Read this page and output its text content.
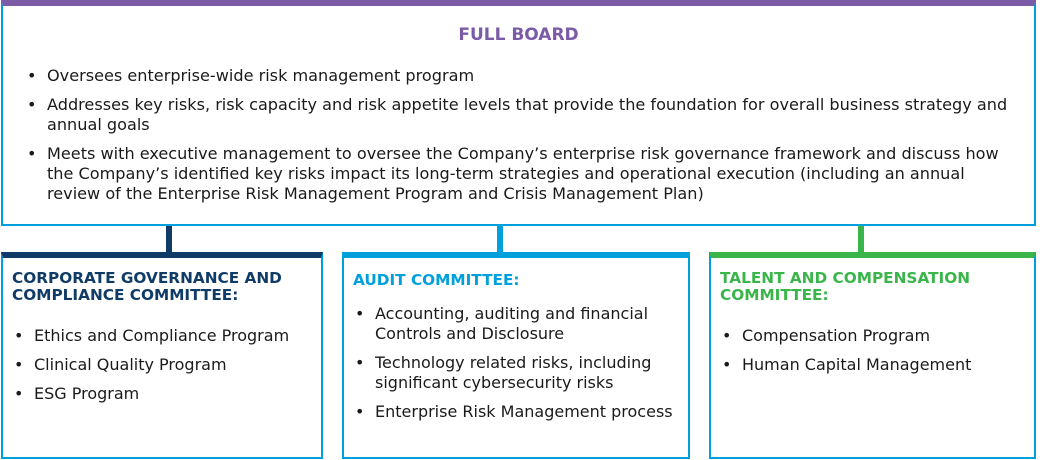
FULL BOARD
• Oversees enterprise-wide risk management program
• Addresses key risks, risk capacity and risk appetite levels that provide the foundation for overall business strategy and annual goals
• Meets with executive management to oversee the Company’s enterprise risk governance framework and discuss how the Company’s identified key risks impact its long-term strategies and operational execution (including an annual review of the Enterprise Risk Management Program and Crisis Management Plan)
CORPORATE GOVERNANCE AND COMPLIANCE COMMITTEE:
• Ethics and Compliance Program
• Clinical Quality Program
• ESG Program
AUDIT COMMITTEE:
• Accounting, auditing and financial Controls and Disclosure
• Technology related risks, including significant cybersecurity risks
• Enterprise Risk Management process
TALENT AND COMPENSATION COMMITTEE:
• Compensation Program
• Human Capital Management
